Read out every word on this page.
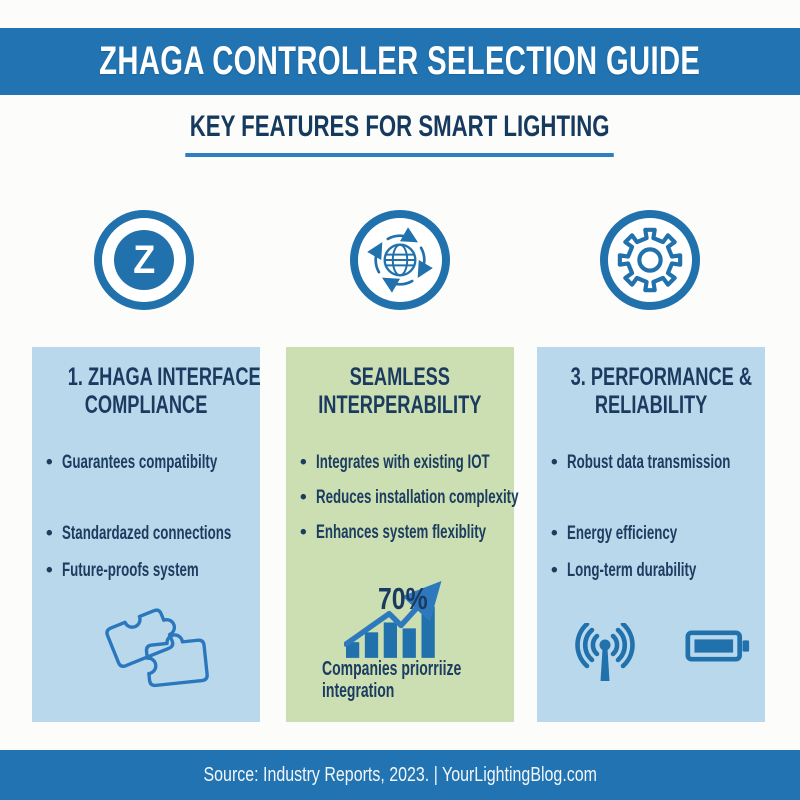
ZHAGA CONTROLLER SELECTION GUIDE
KEY FEATURES FOR SMART LIGHTING
Z
1. ZHAGA INTERFACE
COMPLIANCE
• Guarantees compatibilty
• Standardazed connections
• Future-proofs system
SEAMLESS
INTERPERABILITY
• Integrates with existing IOT
• Reduces installation complexity
• Enhances system flexiblity
70%
Companies priorriize
integration
3. PERFORMANCE &
RELIABILITY
• Robust data transmission
• Energy efficiency
• Long-term durability
Source: Industry Reports, 2023. | YourLightingBlog.com
